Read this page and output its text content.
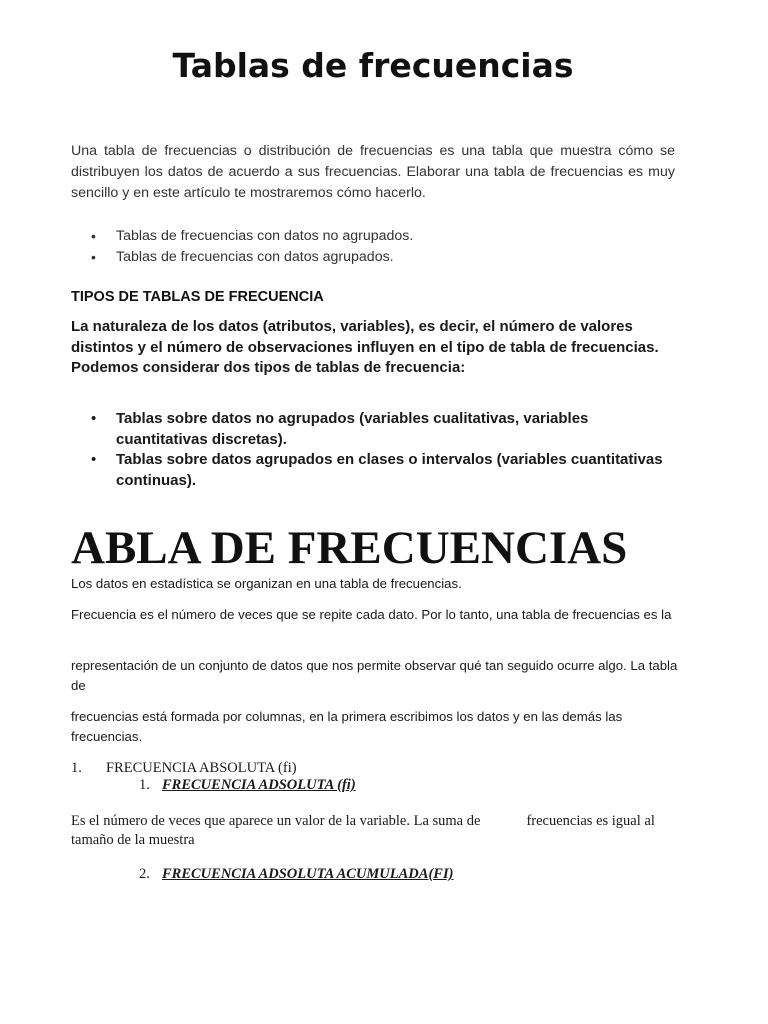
Tablas de frecuencias

Una tabla de frecuencias o distribución de frecuencias es una tabla que muestra cómo se distribuyen los datos de acuerdo a sus frecuencias. Elaborar una tabla de frecuencias es muy sencillo y en este artículo te mostraremos cómo hacerlo.

• Tablas de frecuencias con datos no agrupados.
• Tablas de frecuencias con datos agrupados.
TIPOS DE TABLAS DE FRECUENCIA

La naturaleza de los datos (atributos, variables), es decir, el número de valores distintos y el número de observaciones influyen en el tipo de tabla de frecuencias. Podemos considerar dos tipos de tablas de frecuencia:

• Tablas sobre datos no agrupados (variables cualitativas, variables cuantitativas discretas).
• Tablas sobre datos agrupados en clases o intervalos (variables cuantitativas continuas).
ABLA DE FRECUENCIAS

Los datos en estadística se organizan en una tabla de frecuencias.

Frecuencia es el número de veces que se repite cada dato. Por lo tanto, una tabla de frecuencias es la

representación de un conjunto de datos que nos permite observar qué tan seguido ocurre algo. La tabla de

frecuencias está formada por columnas, en la primera escribimos los datos y en las demás las frecuencias.

1. FRECUENCIA ABSOLUTA (fi)
1. FRECUENCIA ADSOLUTA (fi)

Es el número de veces que aparece un valor de la variable. La suma de	frecuencias es igual al tamaño de la muestra

2. FRECUENCIA ADSOLUTA ACUMULADA(FI)
